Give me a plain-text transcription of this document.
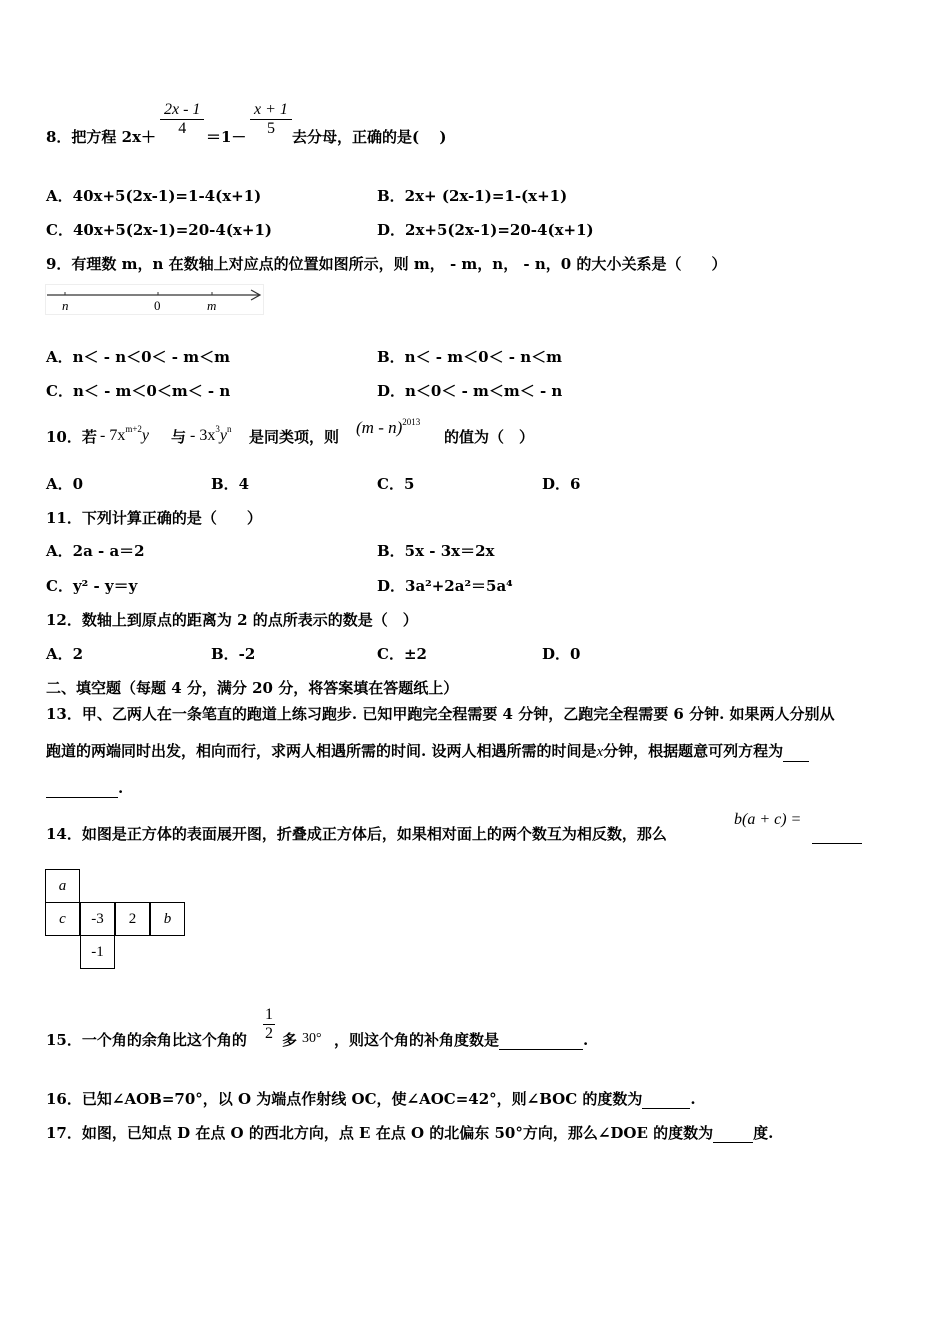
8．把方程 2x＋
2x - 1
4	＝1－
x + 1
5	去分母，正确的是(　 )
A．40x+5(2x-1)=1-4(x+1)	B．2x+ (2x-1)=1-(x+1)
C．40x+5(2x-1)=20-4(x+1)	D．2x+5(2x-1)=20-4(x+1)
9．有理数 m，n 在数轴上对应点的位置如图所示，则 m， - m，n， - n，0 的大小关系是（　　）
n	0	m
A．n＜ - n＜0＜ - m＜m	B．n＜ - m＜0＜ - n＜m
C．n＜ - m＜0＜m＜ - n	D．n＜0＜ - m＜m＜ - n
10．若 - $7x^{m+2}y$ 与 - $3x^3y^n$ 是同类项，则 (m - n)$^{2013}$
的值为（　）
A．0	B．4	C．5	D．6
11．下列计算正确的是（　　）
A．2a - a＝2	B．5x - 3x＝2x
C．y² - y＝y	D．3a²+2a²＝5a⁴
12．数轴上到原点的距离为 2 的点所表示的数是（　）
A．2	B．-2	C．±2	D．0
二、填空题（每题 4 分，满分 20 分，将答案填在答题纸上）
13．甲、乙两人在一条笔直的跑道上练习跑步. 已知甲跑完全程需要 4 分钟，乙跑完全程需要 6 分钟. 如果两人分别从
跑道的两端同时出发，相向而行，求两人相遇所需的时间. 设两人相遇所需的时间是x分钟，根据题意可列方程为
.
14．如图是正方体的表面展开图，折叠成正方体后，如果相对面上的两个数互为相反数，那么
b(a + c) =
a
c	-3	2	b
-1
15．一个角的余角比这个角的
1
2 多 30° ，则这个角的补角度数是	.
16．已知∠AOB=70°，以 O 为端点作射线 OC，使∠AOC=42°，则∠BOC 的度数为	.
17．如图，已知点 D 在点 O 的西北方向，点 E 在点 O 的北偏东 50°方向，那么∠DOE 的度数为	度.
